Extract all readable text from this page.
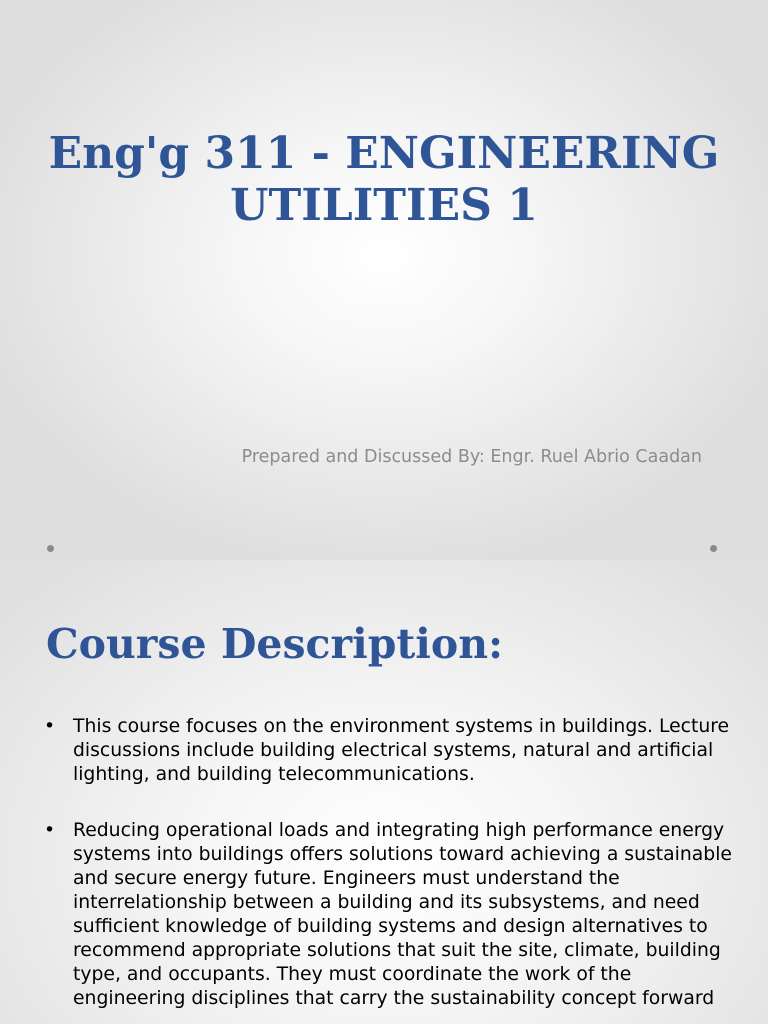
Eng'g 311 - ENGINEERING UTILITIES 1

Prepared and Discussed By: Engr. Ruel Abrio Caadan

Course Description:
• This course focuses on the environment systems in buildings. Lecture discussions include building electrical systems, natural and artificial lighting, and building telecommunications.
• Reducing operational loads and integrating high performance energy systems into buildings offers solutions toward achieving a sustainable and secure energy future. Engineers must understand the interrelationship between a building and its subsystems, and need sufficient knowledge of building systems and design alternatives to recommend appropriate solutions that suit the site, climate, building type, and occupants. They must coordinate the work of the engineering disciplines that carry the sustainability concept forward
